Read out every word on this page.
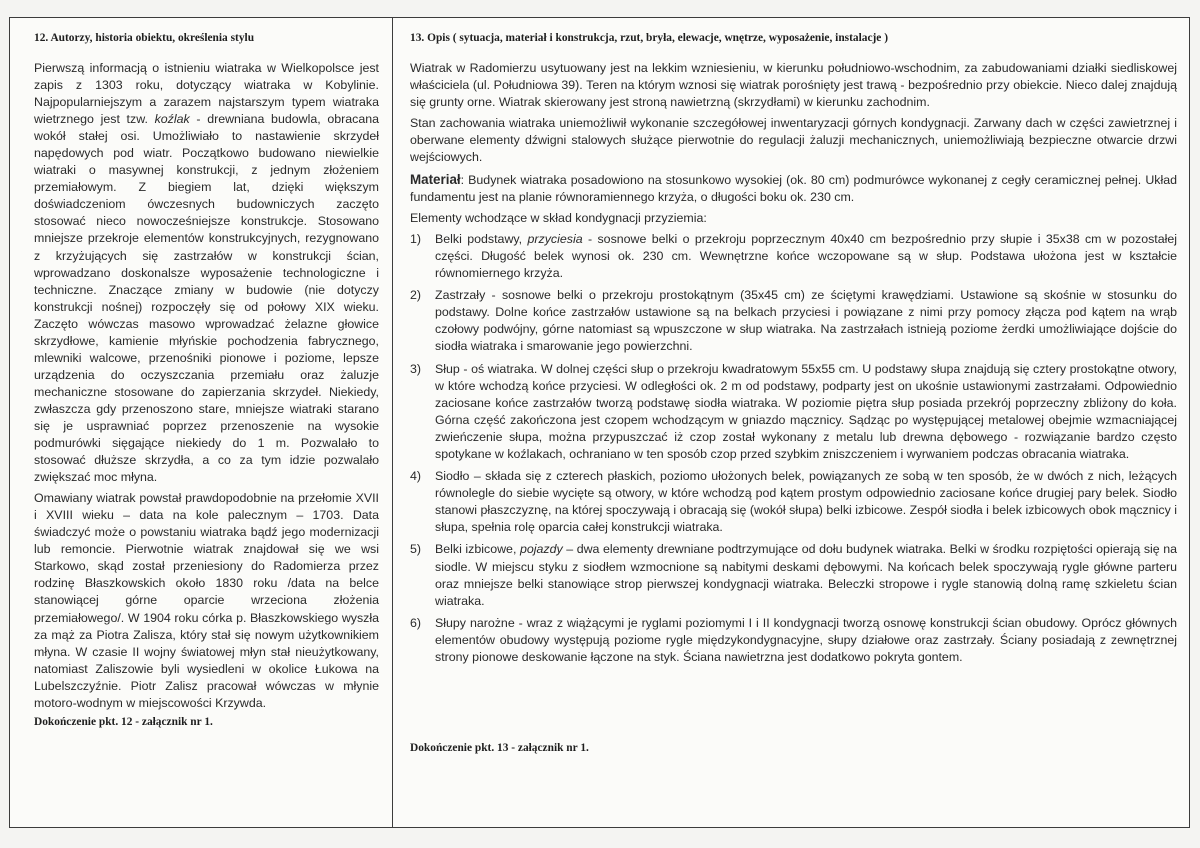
12. Autorzy, historia obiektu, określenia stylu

Pierwszą informacją o istnieniu wiatraka w Wielkopolsce jest zapis z 1303 roku, dotyczący wiatraka w Kobylinie. Najpopularniejszym a zarazem najstarszym typem wiatraka wietrznego jest tzw. koźlak - drewniana budowla, obracana wokół stałej osi. Umożliwiało to nastawienie skrzydeł napędowych pod wiatr. Początkowo budowano niewielkie wiatraki o masywnej konstrukcji, z jednym złożeniem przemiałowym. Z biegiem lat, dzięki większym doświadczeniom ówczesnych budowniczych zaczęto stosować nieco nowocześniejsze konstrukcje. Stosowano mniejsze przekroje elementów konstrukcyjnych, rezygnowano z krzyżujących się zastrzałów w konstrukcji ścian, wprowadzano doskonalsze wyposażenie technologiczne i techniczne. Znaczące zmiany w budowie (nie dotyczy konstrukcji nośnej) rozpoczęły się od połowy XIX wieku. Zaczęto wówczas masowo wprowadzać żelazne głowice skrzydłowe, kamienie młyńskie pochodzenia fabrycznego, mlewniki walcowe, przenośniki pionowe i poziome, lepsze urządzenia do oczyszczania przemiału oraz żaluzje mechaniczne stosowane do zapierzania skrzydeł. Niekiedy, zwłaszcza gdy przenoszono stare, mniejsze wiatraki starano się je usprawniać poprzez przenoszenie na wysokie podmurówki sięgające niekiedy do 1 m. Pozwalało to stosować dłuższe skrzydła, a co za tym idzie pozwalało zwiększać moc młyna.

Omawiany wiatrak powstał prawdopodobnie na przełomie XVII i XVIII wieku – data na kole palecznym – 1703. Data świadczyć może o powstaniu wiatraka bądź jego modernizacji lub remoncie. Pierwotnie wiatrak znajdował się we wsi Starkowo, skąd został przeniesiony do Radomierza przez rodzinę Błaszkowskich około 1830 roku /data na belce stanowiącej górne oparcie wrzeciona złożenia przemiałowego/. W 1904 roku córka p. Błaszkowskiego wyszła za mąż za Piotra Zalisza, który stał się nowym użytkownikiem młyna. W czasie II wojny światowej młyn stał nieużytkowany, natomiast Zaliszowie byli wysiedleni w okolice Łukowa na Lubelszczyźnie. Piotr Zalisz pracował wówczas w młynie motoro-wodnym w miejscowości Krzywda.

Dokończenie pkt. 12 - załącznik nr 1.
13. Opis ( sytuacja, materiał i konstrukcja, rzut, bryła, elewacje, wnętrze, wyposażenie, instalacje )

Wiatrak w Radomierzu usytuowany jest na lekkim wzniesieniu, w kierunku południowo-wschodnim, za zabudowaniami działki siedliskowej właściciela (ul. Południowa 39). Teren na którym wznosi się wiatrak porośnięty jest trawą - bezpośrednio przy obiekcie. Nieco dalej znajdują się grunty orne. Wiatrak skierowany jest stroną nawietrzną (skrzydłami) w kierunku zachodnim.

Stan zachowania wiatraka uniemożliwił wykonanie szczegółowej inwentaryzacji górnych kondygnacji. Zarwany dach w części zawietrznej i oberwane elementy dźwigni stalowych służące pierwotnie do regulacji żaluzji mechanicznych, uniemożliwiają bezpieczne otwarcie drzwi wejściowych.

Materiał: Budynek wiatraka posadowiono na stosunkowo wysokiej (ok. 80 cm) podmurówce wykonanej z cegły ceramicznej pełnej. Układ fundamentu jest na planie równoramiennego krzyża, o długości boku ok. 230 cm.

Elementy wchodzące w skład kondygnacji przyziemia:

1) Belki podstawy, przyciesia - sosnowe belki o przekroju poprzecznym 40x40 cm bezpośrednio przy słupie i 35x38 cm w pozostałej części. Długość belek wynosi ok. 230 cm. Wewnętrzne końce wczopowane są w słup. Podstawa ułożona jest w kształcie równomiernego krzyża.
2) Zastrzały - sosnowe belki o przekroju prostokątnym (35x45 cm) ze ściętymi krawędziami. Ustawione są skośnie w stosunku do podstawy. Dolne końce zastrzałów ustawione są na belkach przyciesi i powiązane z nimi przy pomocy złącza pod kątem na wrąb czołowy podwójny, górne natomiast są wpuszczone w słup wiatraka. Na zastrzałach istnieją poziome żerdki umożliwiające dojście do siodła wiatraka i smarowanie jego powierzchni.
3) Słup - oś wiatraka. W dolnej części słup o przekroju kwadratowym 55x55 cm. U podstawy słupa znajdują się cztery prostokątne otwory, w które wchodzą końce przyciesi. W odległości ok. 2 m od podstawy, podparty jest on ukośnie ustawionymi zastrzałami. Odpowiednio zaciosane końce zastrzałów tworzą podstawę siodła wiatraka. W poziomie piętra słup posiada przekrój poprzeczny zbliżony do koła. Górna część zakończona jest czopem wchodzącym w gniazdo mącznicy. Sądząc po występującej metalowej obejmie wzmacniającej zwieńczenie słupa, można przypuszczać iż czop został wykonany z metalu lub drewna dębowego - rozwiązanie bardzo często spotykane w koźlakach, ochraniano w ten sposób czop przed szybkim zniszczeniem i wyrwaniem podczas obracania wiatraka.
4) Siodło – składa się z czterech płaskich, poziomo ułożonych belek, powiązanych ze sobą w ten sposób, że w dwóch z nich, leżących równolegle do siebie wycięte są otwory, w które wchodzą pod kątem prostym odpowiednio zaciosane końce drugiej pary belek. Siodło stanowi płaszczyznę, na której spoczywają i obracają się (wokół słupa) belki izbicowe. Zespół siodła i belek izbicowych obok mącznicy i słupa, spełnia rolę oparcia całej konstrukcji wiatraka.
5) Belki izbicowe, pojazdy – dwa elementy drewniane podtrzymujące od dołu budynek wiatraka. Belki w środku rozpiętości opierają się na siodle. W miejscu styku z siodłem wzmocnione są nabitymi deskami dębowymi. Na końcach belek spoczywają rygle główne parteru oraz mniejsze belki stanowiące strop pierwszej kondygnacji wiatraka. Beleczki stropowe i rygle stanowią dolną ramę szkieletu ścian wiatraka.
6) Słupy narożne - wraz z wiążącymi je ryglami poziomymi I i II kondygnacji tworzą osnowę konstrukcji ścian obudowy. Oprócz głównych elementów obudowy występują poziome rygle międzykondygnacyjne, słupy działowe oraz zastrzały. Ściany posiadają z zewnętrznej strony pionowe deskowanie łączone na styk. Ściana nawietrzna jest dodatkowo pokryta gontem.
Dokończenie pkt. 13 - załącznik nr 1.
